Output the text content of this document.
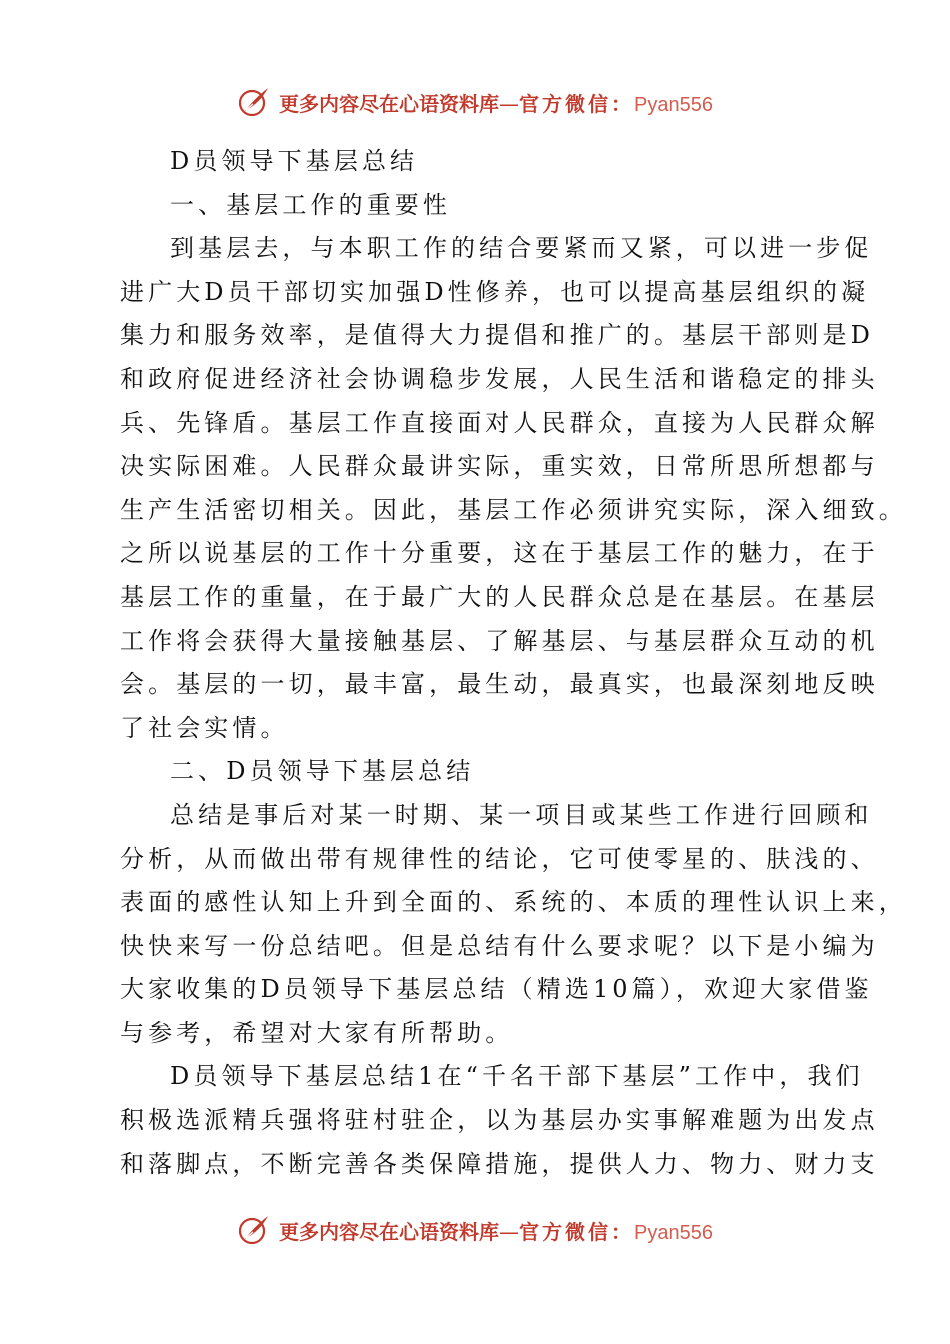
更多内容尽在心语资料库—官方微信：Pyan556

D员领导下基层总结

一、基层工作的重要性

到基层去，与本职工作的结合要紧而又紧，可以进一步促

进广大D员干部切实加强D性修养，也可以提高基层组织的凝

集力和服务效率，是值得大力提倡和推广的。基层干部则是D

和政府促进经济社会协调稳步发展，人民生活和谐稳定的排头

兵、先锋盾。基层工作直接面对人民群众，直接为人民群众解

决实际困难。人民群众最讲实际，重实效，日常所思所想都与

生产生活密切相关。因此，基层工作必须讲究实际，深入细致。

之所以说基层的工作十分重要，这在于基层工作的魅力，在于

基层工作的重量，在于最广大的人民群众总是在基层。在基层

工作将会获得大量接触基层、了解基层、与基层群众互动的机

会。基层的一切，最丰富，最生动，最真实，也最深刻地反映

了社会实情。

二、D员领导下基层总结

总结是事后对某一时期、某一项目或某些工作进行回顾和

分析，从而做出带有规律性的结论，它可使零星的、肤浅的、

表面的感性认知上升到全面的、系统的、本质的理性认识上来，

快快来写一份总结吧。但是总结有什么要求呢？以下是小编为

大家收集的D员领导下基层总结（精选10篇），欢迎大家借鉴

与参考，希望对大家有所帮助。

D员领导下基层总结1在“千名干部下基层”工作中，我们

积极选派精兵强将驻村驻企，以为基层办实事解难题为出发点

和落脚点，不断完善各类保障措施，提供人力、物力、财力支

更多内容尽在心语资料库—官方微信：Pyan556
